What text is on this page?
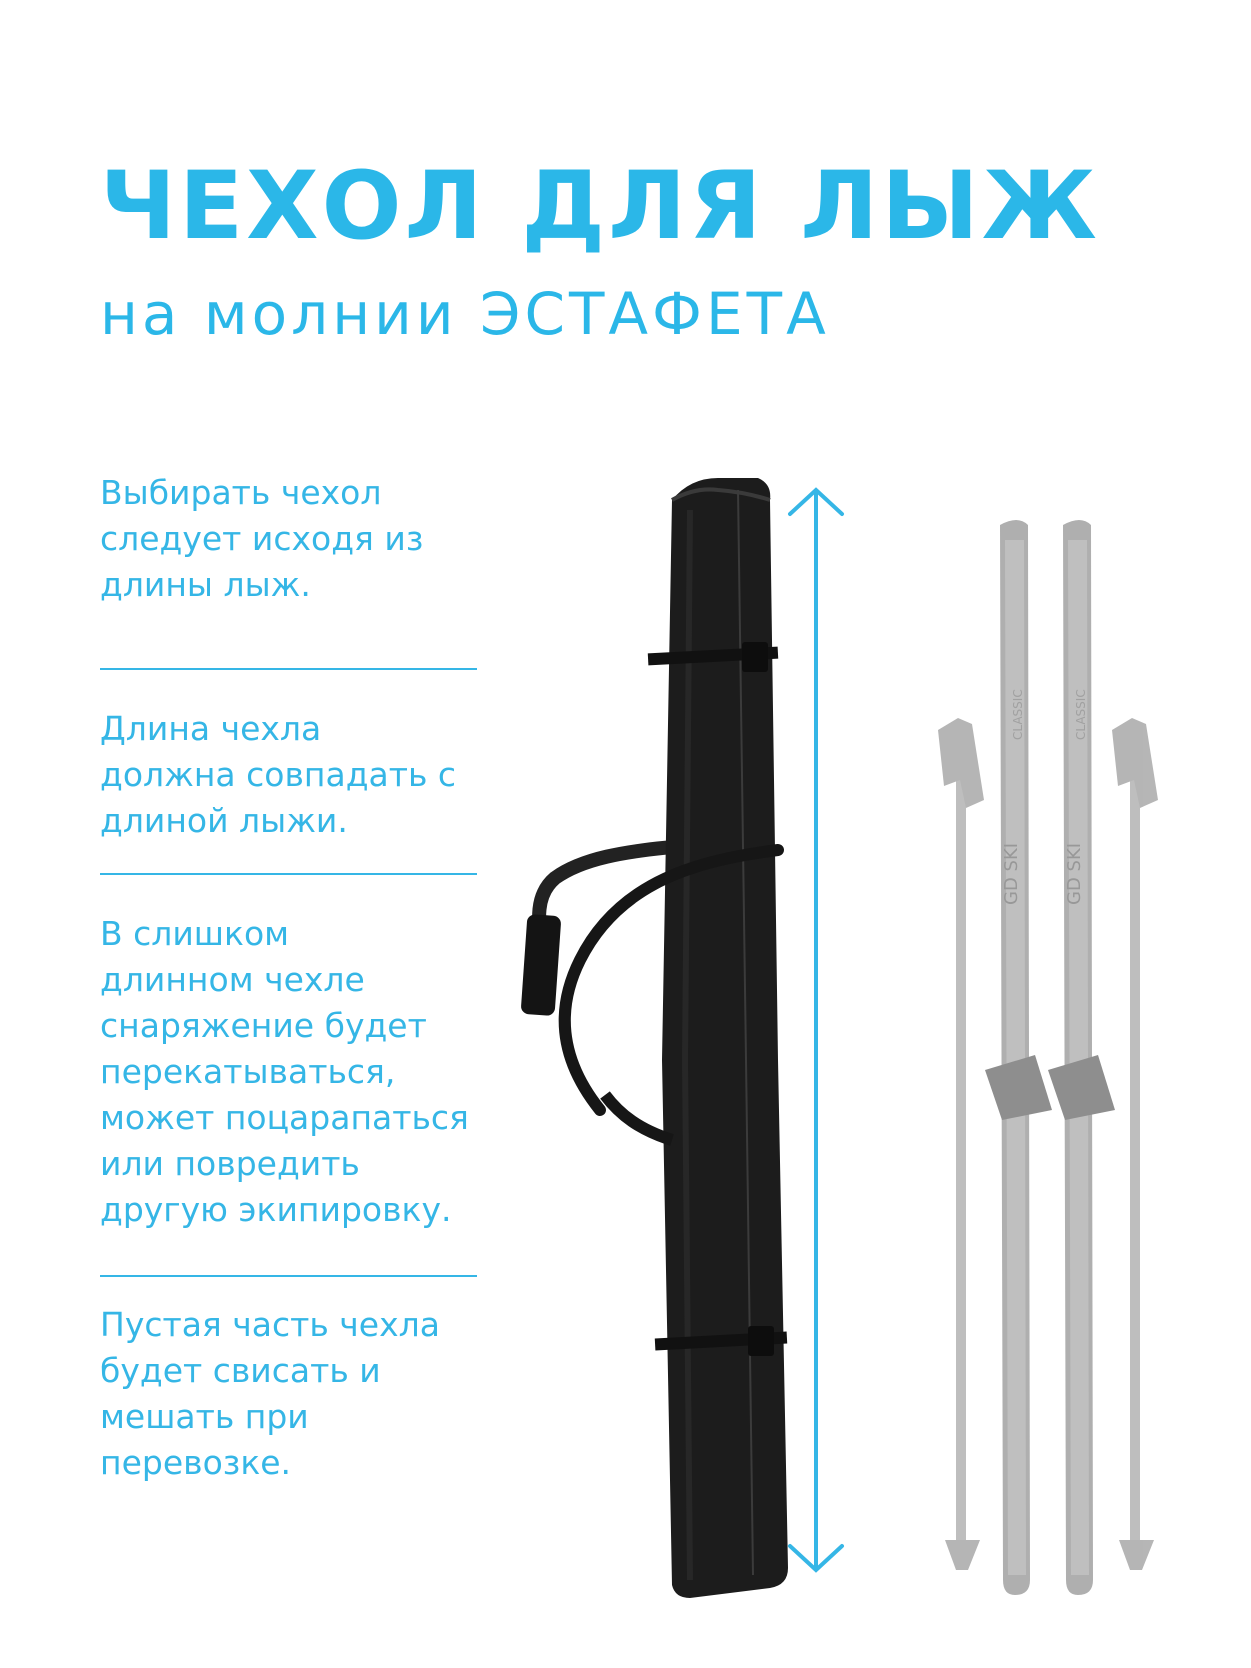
ЧЕХОЛ ДЛЯ ЛЫЖ
на молнии ЭСТАФЕТА
Выбирать чехол
следует исходя из
длины лыж.
Длина чехла
должна совпадать с
длиной лыжи.
В слишком
длинном чехле
снаряжение будет
перекатываться,
может поцарапаться
или повредить
другую экипировку.
Пустая часть чехла
будет свисать и
мешать при
перевозке.
GD SKI GD SKI
CLASSIC	CLASSIC
